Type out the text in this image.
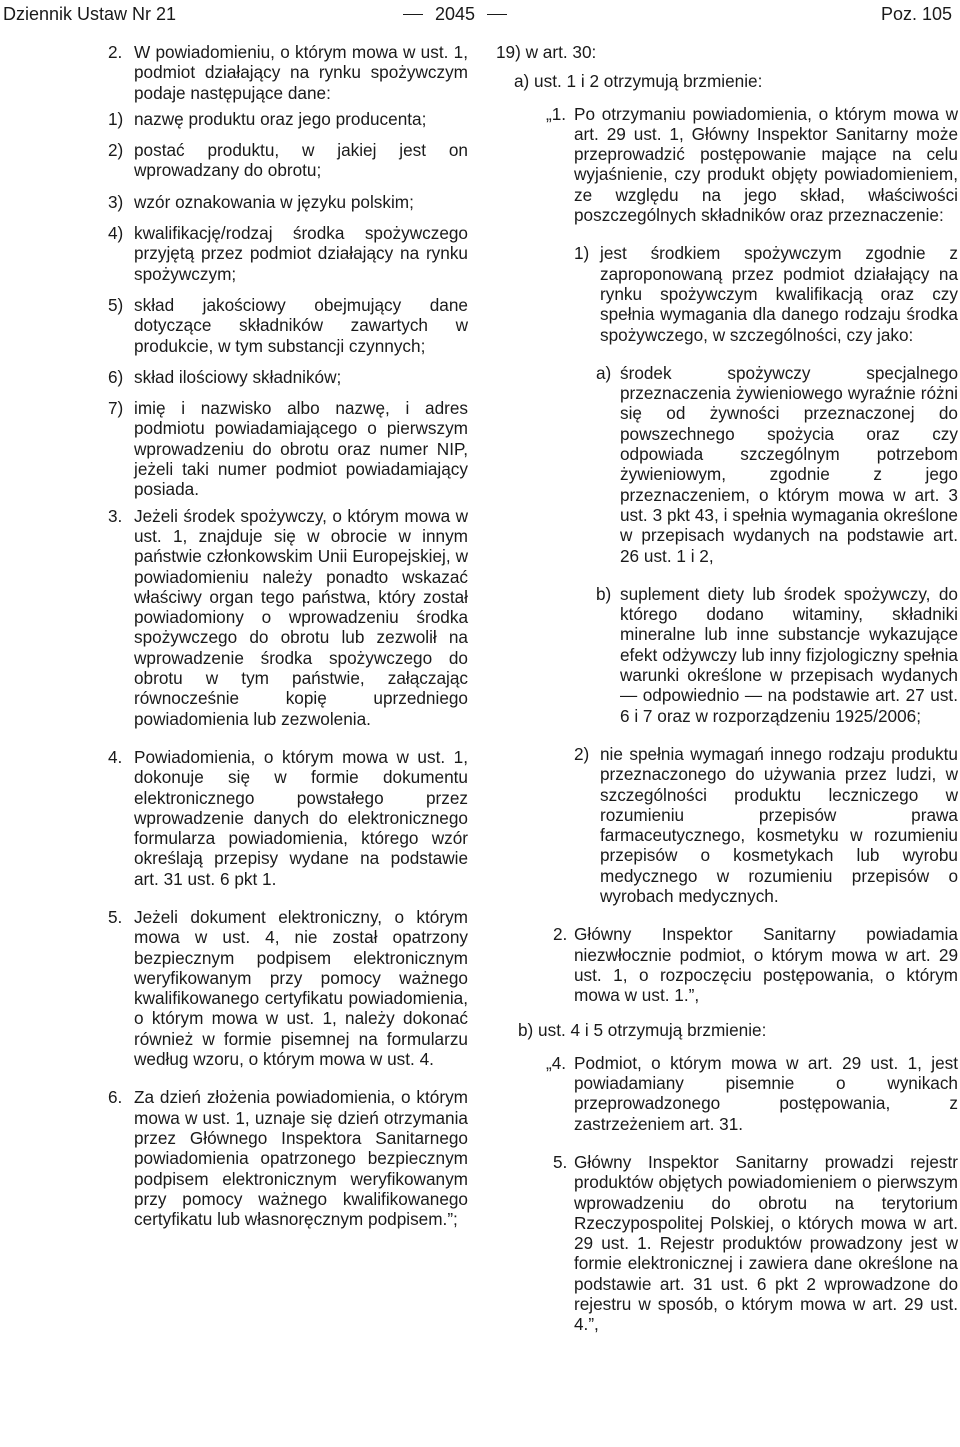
Dziennik Ustaw Nr 21	2045	Poz. 105
2. W powiadomieniu, o którym mowa w ust. 1, podmiot działający na rynku spożywczym podaje następujące dane:
1) nazwę produktu oraz jego producenta;
2) postać produktu, w jakiej jest on wprowadzany do obrotu;
3) wzór oznakowania w języku polskim;
4) kwalifikację/rodzaj środka spożywczego przyjętą przez podmiot działający na rynku spożywczym;
5) skład jakościowy obejmujący dane dotyczące składników zawartych w produkcie, w tym substancji czynnych;
6) skład ilościowy składników;
7) imię i nazwisko albo nazwę, i adres podmiotu powiadamiającego o pierwszym wprowadzeniu do obrotu oraz numer NIP, jeżeli taki numer podmiot powiadamiający posiada.
3. Jeżeli środek spożywczy, o którym mowa w ust. 1, znajduje się w obrocie w innym państwie członkowskim Unii Europejskiej, w powiadomieniu należy ponadto wskazać właściwy organ tego państwa, który został powiadomiony o wprowadzeniu środka spożywczego do obrotu lub zezwolił na wprowadzenie środka spożywczego do obrotu w tym państwie, załączając równocześnie kopię uprzedniego powiadomienia lub zezwolenia.
4. Powiadomienia, o którym mowa w ust. 1, dokonuje się w formie dokumentu elektronicznego powstałego przez wprowadzenie danych do elektronicznego formularza powiadomienia, którego wzór określają przepisy wydane na podstawie art. 31 ust. 6 pkt 1.
5. Jeżeli dokument elektroniczny, o którym mowa w ust. 4, nie został opatrzony bezpiecznym podpisem elektronicznym weryfikowanym przy pomocy ważnego kwalifikowanego certyfikatu powiadomienia, o którym mowa w ust. 1, należy dokonać również w formie pisemnej na formularzu według wzoru, o którym mowa w ust. 4.
6. Za dzień złożenia powiadomienia, o którym mowa w ust. 1, uznaje się dzień otrzymania przez Głównego Inspektora Sanitarnego powiadomienia opatrzonego bezpiecznym podpisem elektronicznym weryfikowanym przy pomocy ważnego kwalifikowanego certyfikatu lub własnoręcznym podpisem.”;
19) w art. 30:
a) ust. 1 i 2 otrzymują brzmienie:
„1. Po otrzymaniu powiadomienia, o którym mowa w art. 29 ust. 1, Główny Inspektor Sanitarny może przeprowadzić postępowanie mające na celu wyjaśnienie, czy produkt objęty powiadomieniem, ze względu na jego skład, właściwości poszczególnych składników oraz przeznaczenie:
1) jest środkiem spożywczym zgodnie z zaproponowaną przez podmiot działający na rynku spożywczym kwalifikacją oraz czy spełnia wymagania dla danego rodzaju środka spożywczego, w szczególności, czy jako:
a) środek spożywczy specjalnego przeznaczenia żywieniowego wyraźnie różni się od żywności przeznaczonej do powszechnego spożycia oraz czy odpowiada szczególnym potrzebom żywieniowym, zgodnie z jego przeznaczeniem, o którym mowa w art. 3 ust. 3 pkt 43, i spełnia wymagania określone w przepisach wydanych na podstawie art. 26 ust. 1 i 2,
b) suplement diety lub środek spożywczy, do którego dodano witaminy, składniki mineralne lub inne substancje wykazujące efekt odżywczy lub inny fizjologiczny spełnia warunki określone w przepisach wydanych — odpowiednio — na podstawie art. 27 ust. 6 i 7 oraz w rozporządzeniu 1925/2006;
2) nie spełnia wymagań innego rodzaju produktu przeznaczonego do używania przez ludzi, w szczególności produktu leczniczego w rozumieniu przepisów prawa farmaceutycznego, kosmetyku w rozumieniu przepisów o kosmetykach lub wyrobu medycznego w rozumieniu przepisów o wyrobach medycznych.
2. Główny Inspektor Sanitarny powiadamia niezwłocznie podmiot, o którym mowa w art. 29 ust. 1, o rozpoczęciu postępowania, o którym mowa w ust. 1.”,
b) ust. 4 i 5 otrzymują brzmienie:
„4. Podmiot, o którym mowa w art. 29 ust. 1, jest powiadamiany pisemnie o wynikach przeprowadzonego postępowania, z zastrzeżeniem art. 31.
5. Główny Inspektor Sanitarny prowadzi rejestr produktów objętych powiadomieniem o pierwszym wprowadzeniu do obrotu na terytorium Rzeczypospolitej Polskiej, o których mowa w art. 29 ust. 1. Rejestr produktów prowadzony jest w formie elektronicznej i zawiera dane określone na podstawie art. 31 ust. 6 pkt 2 wprowadzone do rejestru w sposób, o którym mowa w art. 29 ust. 4.”,
